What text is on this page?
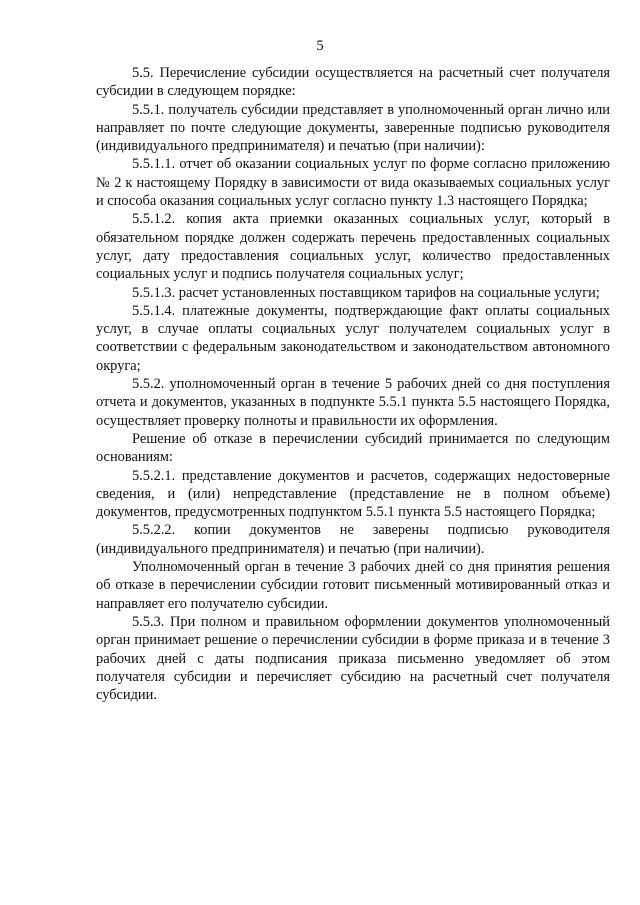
5

5.5. Перечисление субсидии осуществляется на расчетный счет получателя субсидии в следующем порядке:

5.5.1. получатель субсидии представляет в уполномоченный орган лично или направляет по почте следующие документы, заверенные подписью руководителя (индивидуального предпринимателя) и печатью (при наличии):

5.5.1.1. отчет об оказании социальных услуг по форме согласно приложению № 2 к настоящему Порядку в зависимости от вида оказываемых социальных услуг и способа оказания социальных услуг согласно пункту 1.3 настоящего Порядка;

5.5.1.2. копия акта приемки оказанных социальных услуг, который в обязательном порядке должен содержать перечень предоставленных социальных услуг, дату предоставления социальных услуг, количество предоставленных социальных услуг и подпись получателя социальных услуг;

5.5.1.3. расчет установленных поставщиком тарифов на социальные услуги;

5.5.1.4. платежные документы, подтверждающие факт оплаты социальных услуг, в случае оплаты социальных услуг получателем социальных услуг в соответствии с федеральным законодательством и законодательством автономного округа;

5.5.2. уполномоченный орган в течение 5 рабочих дней со дня поступления отчета и документов, указанных в подпункте 5.5.1 пункта 5.5 настоящего Порядка, осуществляет проверку полноты и правильности их оформления.

Решение об отказе в перечислении субсидий принимается по следующим основаниям:

5.5.2.1. представление документов и расчетов, содержащих недостоверные сведения, и (или) непредставление (представление не в полном объеме) документов, предусмотренных подпунктом 5.5.1 пункта 5.5 настоящего Порядка;

5.5.2.2. копии документов не заверены подписью руководителя (индивидуального предпринимателя) и печатью (при наличии).

Уполномоченный орган в течение 3 рабочих дней со дня принятия решения об отказе в перечислении субсидии готовит письменный мотивированный отказ и направляет его получателю субсидии.

5.5.3. При полном и правильном оформлении документов уполномоченный орган принимает решение о перечислении субсидии в форме приказа и в течение 3 рабочих дней с даты подписания приказа письменно уведомляет об этом получателя субсидии и перечисляет субсидию на расчетный счет получателя субсидии.
